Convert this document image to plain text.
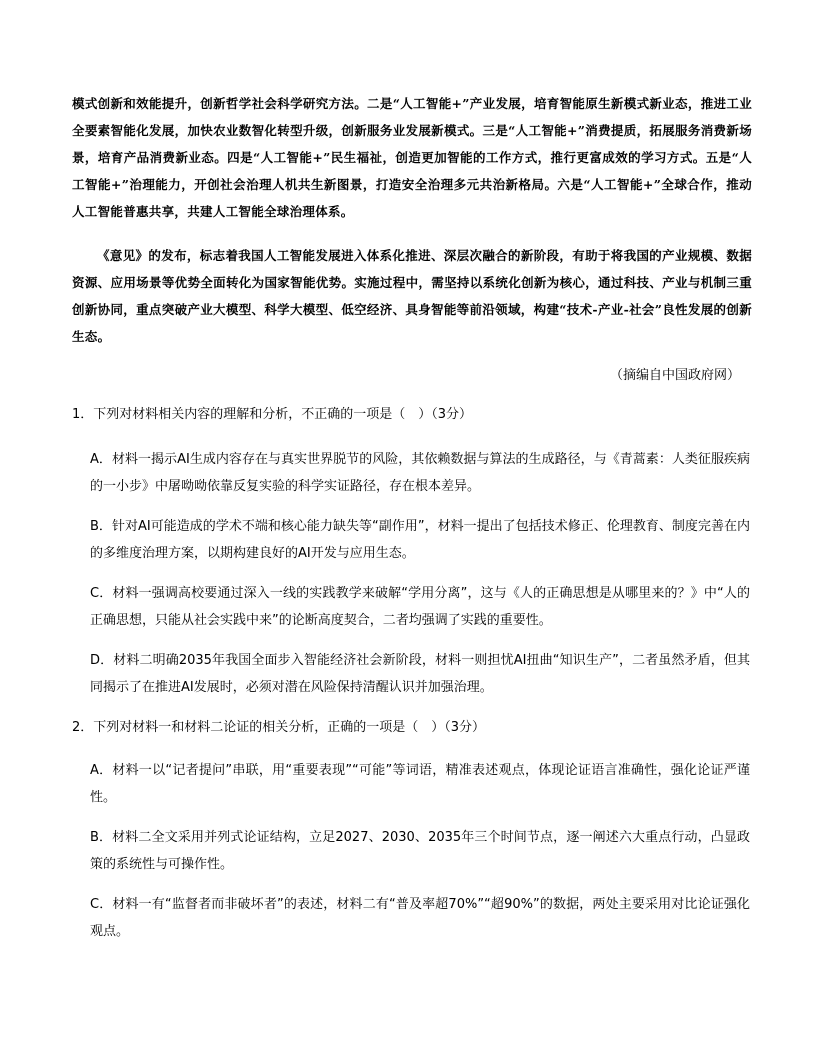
模式创新和效能提升，创新哲学社会科学研究方法。二是“人工智能+”产业发展，培育智能原生新模式新业态，推进工业全要素智能化发展，加快农业数智化转型升级，创新服务业发展新模式。三是“人工智能+”消费提质，拓展服务消费新场景，培育产品消费新业态。四是“人工智能+”民生福祉，创造更加智能的工作方式，推行更富成效的学习方式。五是“人工智能+”治理能力，开创社会治理人机共生新图景，打造安全治理多元共治新格局。六是“人工智能+”全球合作，推动人工智能普惠共享，共建人工智能全球治理体系。

《意见》的发布，标志着我国人工智能发展进入体系化推进、深层次融合的新阶段，有助于将我国的产业规模、数据资源、应用场景等优势全面转化为国家智能优势。实施过程中，需坚持以系统化创新为核心，通过科技、产业与机制三重创新协同，重点突破产业大模型、科学大模型、低空经济、具身智能等前沿领域，构建“技术-产业-社会”良性发展的创新生态。

（摘编自中国政府网）
1．下列对材料相关内容的理解和分析，不正确的一项是（　）（3分）

A．材料一揭示AI生成内容存在与真实世界脱节的风险，其依赖数据与算法的生成路径，与《青蒿素：人类征服疾病的一小步》中屠呦呦依靠反复实验的科学实证路径，存在根本差异。

B．针对AI可能造成的学术不端和核心能力缺失等“副作用”，材料一提出了包括技术修正、伦理教育、制度完善在内的多维度治理方案，以期构建良好的AI开发与应用生态。

C．材料一强调高校要通过深入一线的实践教学来破解“学用分离”，这与《人的正确思想是从哪里来的？》中“人的正确思想，只能从社会实践中来”的论断高度契合，二者均强调了实践的重要性。

D．材料二明确2035年我国全面步入智能经济社会新阶段，材料一则担忧AI扭曲“知识生产”，二者虽然矛盾，但其同揭示了在推进AI发展时，必须对潜在风险保持清醒认识并加强治理。

2．下列对材料一和材料二论证的相关分析，正确的一项是（　）（3分）

A．材料一以“记者提问”串联，用“重要表现”“可能”等词语，精准表述观点，体现论证语言准确性，强化论证严谨性。

B．材料二全文采用并列式论证结构，立足2027、2030、2035年三个时间节点，逐一阐述六大重点行动，凸显政策的系统性与可操作性。

C．材料一有“监督者而非破坏者”的表述，材料二有“普及率超70%”“超90%”的数据，两处主要采用对比论证强化观点。
